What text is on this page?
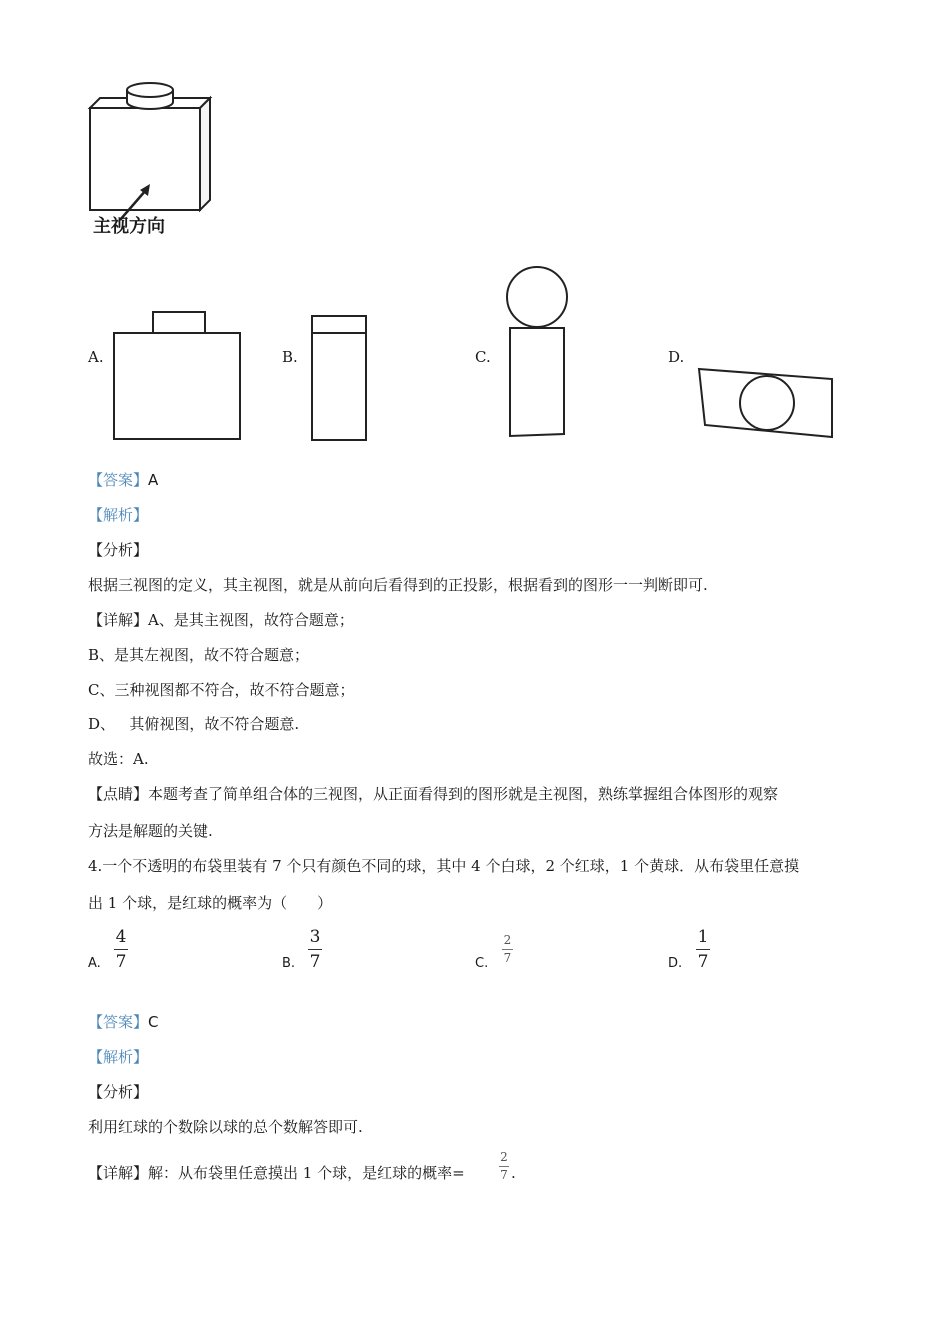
主视方向
A.	B.	C.	D.
【答案】A
【解析】
【分析】
根据三视图的定义，其主视图，就是从前向后看得到的正投影，根据看到的图形一一判断即可.
【详解】A、是其主视图，故符合题意；
B、是其左视图，故不符合题意；
C、三种视图都不符合，故不符合题意；
D、   其俯视图，故不符合题意.
故选：A.
【点睛】本题考查了简单组合体的三视图，从正面看得到的图形就是主视图，熟练掌握组合体图形的观察
方法是解题的关键.
4.一个不透明的布袋里装有 7 个只有颜色不同的球，其中 4 个白球，2 个红球，1 个黄球．从布袋里任意摸
出 1 个球，是红球的概率为（　　）
A.
4
7	B.
3
7	C.
2
7	D.
1
7
【答案】C
【解析】
【分析】
利用红球的个数除以球的总个数解答即可.
【详解】解：从布袋里任意摸出 1 个球，是红球的概率=
2
7 .
